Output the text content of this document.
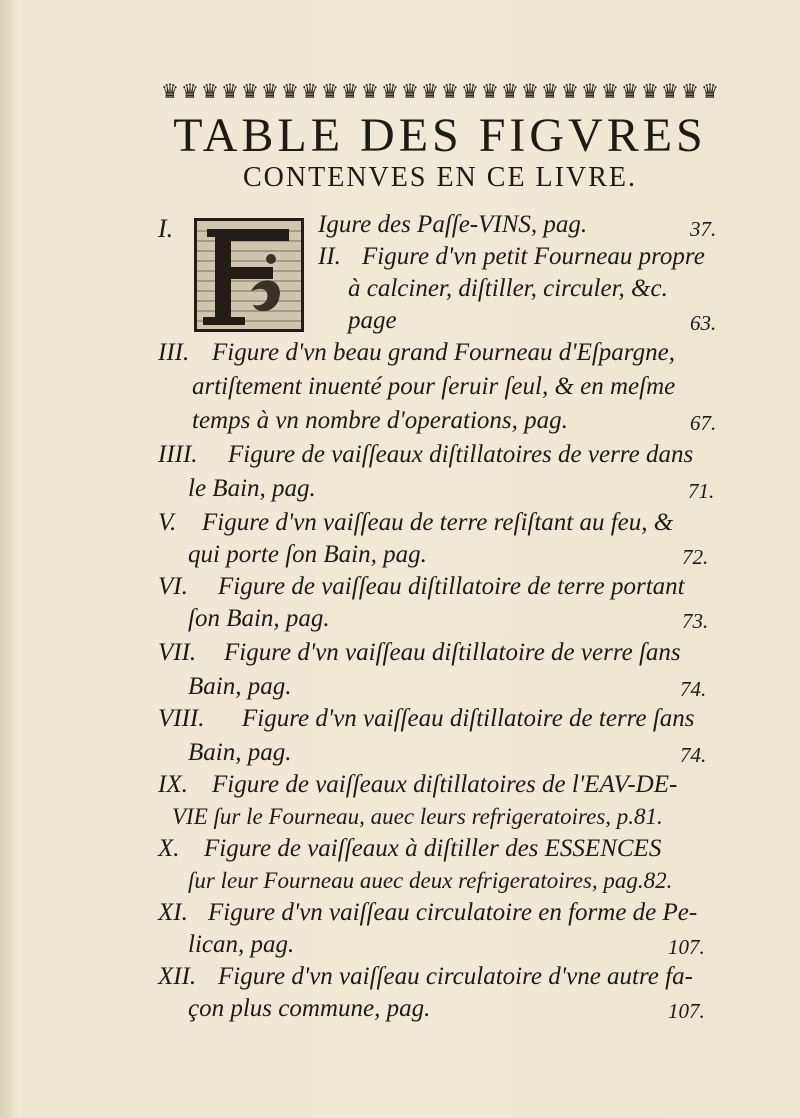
♛ ♛ ♛ ♛ ♛ ♛ ♛ ♛ ♛ ♛ ♛ ♛ ♛ ♛ ♛ ♛ ♛ ♛ ♛ ♛ ♛ ♛ ♛ ♛ ♛ ♛ ♛ ♛
TABLE DES FIGVRES
CONTENVES EN CE LIVRE.
I.	Igure des Paſſe-VINS, pag.	37.
II. Figure d'vn petit Fourneau propre
à calciner, diſtiller, circuler, &c.
page	63.
III. Figure d'vn beau grand Fourneau d'Eſpargne,
artiſtement inuenté pour ſeruir ſeul, & en meſme
temps à vn nombre d'operations, pag.	67.
IIII. Figure de vaiſſeaux diſtillatoires de verre dans
le Bain, pag.	71.
V. Figure d'vn vaiſſeau de terre reſiſtant au feu, &
qui porte ſon Bain, pag.	72.
VI. Figure de vaiſſeau diſtillatoire de terre portant
ſon Bain, pag.	73.
VII. Figure d'vn vaiſſeau diſtillatoire de verre ſans
Bain, pag.	74.
VIII. Figure d'vn vaiſſeau diſtillatoire de terre ſans
Bain, pag.	74.
IX. Figure de vaiſſeaux diſtillatoires de l'EAV-DE-
VIE ſur le Fourneau, auec leurs refrigeratoires, p.81.
X. Figure de vaiſſeaux à diſtiller des ESSENCES
ſur leur Fourneau auec deux refrigeratoires, pag.82.
XI. Figure d'vn vaiſſeau circulatoire en forme de Pe-
lican, pag.	107.
XII. Figure d'vn vaiſſeau circulatoire d'vne autre fa-
çon plus commune, pag.	107.
